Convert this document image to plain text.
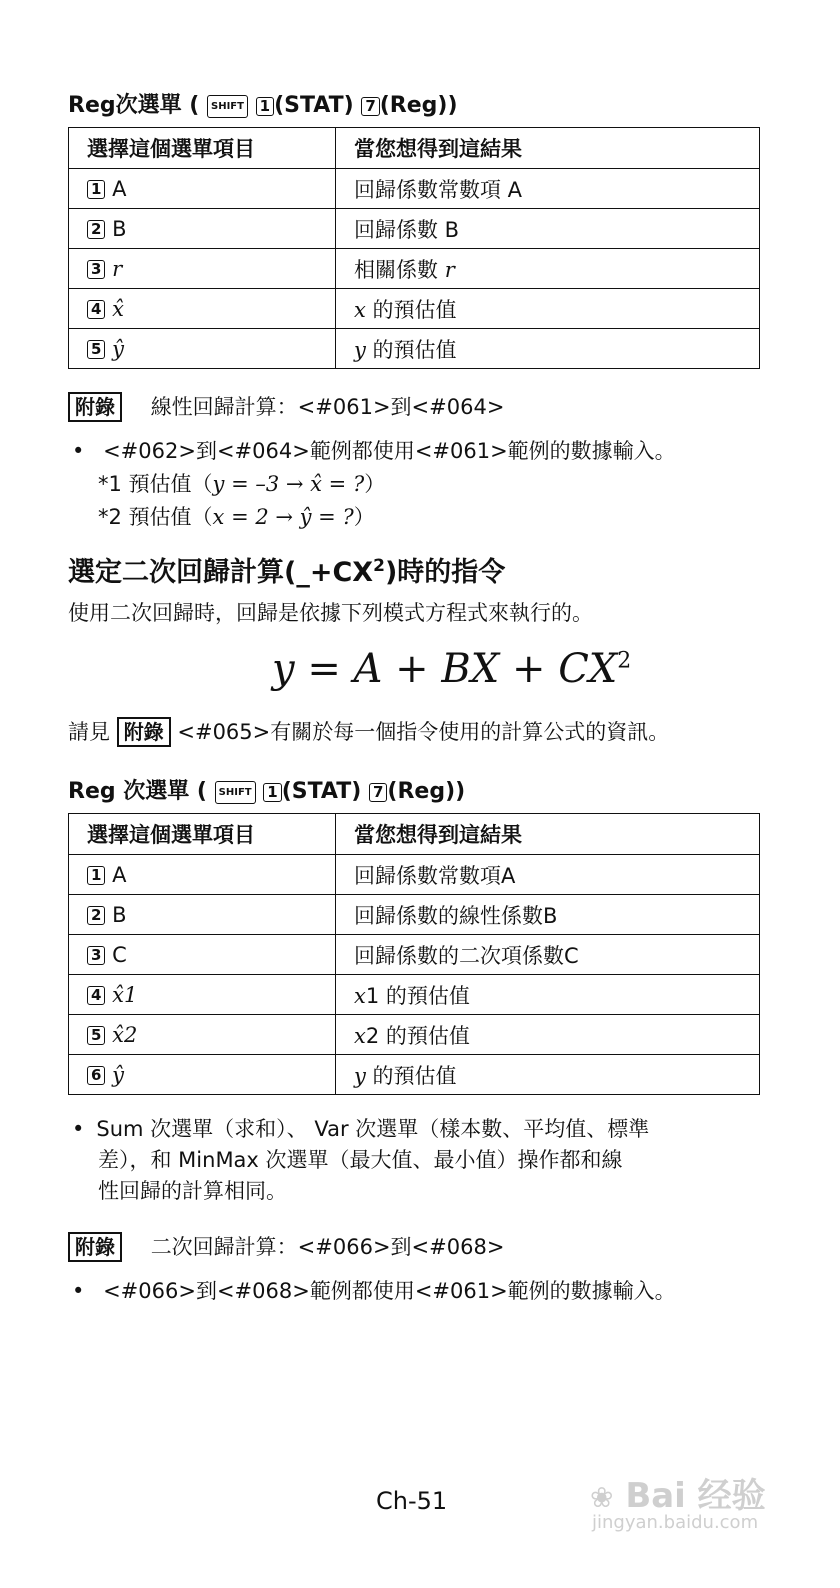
Reg次選單 ( SHIFT 1 (STAT) 7 (Reg))
選擇這個選單項目	當您想得到這結果
1 A	回歸係數常數項 A
2 B	回歸係數 B
3 r	相關係數 r
4 x̂	x 的預估值
5 ŷ	y 的預估值
附錄 線性回歸計算：<#061>到<#064>
• <#062>到<#064>範例都使用<#061>範例的數據輸入。
*1 預估值（y = –3 → x̂ = ?）
*2 預估值（x = 2 → ŷ = ?）
選定二次回歸計算$(\_+CX^2)$時的指令
使用二次回歸時，回歸是依據下列模式方程式來執行的。
y = A + BX + $CX^2$
請見 附錄 <#065>有關於每一個指令使用的計算公式的資訊。
Reg 次選單 ( SHIFT 1 (STAT) 7 (Reg))
選擇這個選單項目	當您想得到這結果
1 A	回歸係數常數項A
2 B	回歸係數的線性係數B
3 C	回歸係數的二次項係數C
4 x̂1	x1 的預估值
5 x̂2	x2 的預估值
6 ŷ	y 的預估值
• Sum 次選單（求和）、 Var 次選單（樣本數、平均值、標準
差），和 MinMax 次選單（最大值、最小值）操作都和線
性回歸的計算相同。
附錄 二次回歸計算：<#066>到<#068>
• <#066>到<#068>範例都使用<#061>範例的數據輸入。
Ch-51	❀ Bai 经验
jingyan.baidu.com
